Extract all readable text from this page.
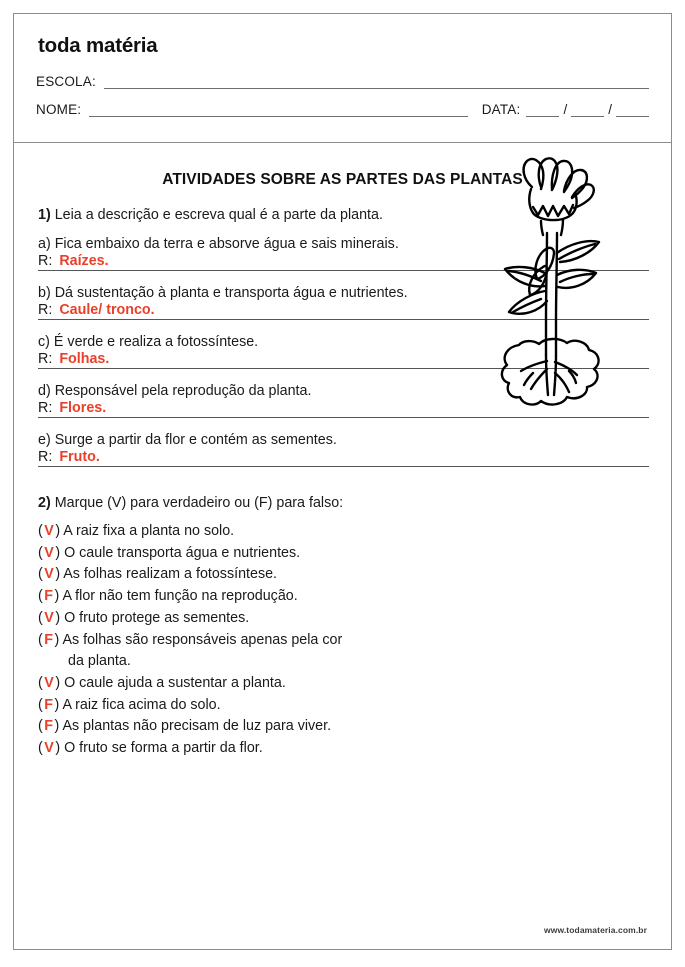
toda matéria
ESCOLA:
NOME:	DATA:	/	/
ATIVIDADES SOBRE AS PARTES DAS PLANTAS
1) Leia a descrição e escreva qual é a parte da planta.
a) Fica embaixo da terra e absorve água e sais minerais.
R: Raízes.
b) Dá sustentação à planta e transporta água e nutrientes.
R: Caule/ tronco.
c) É verde e realiza a fotossíntese.
R: Folhas.
d) Responsável pela reprodução da planta.
R: Flores.
e) Surge a partir da flor e contém as sementes.
R: Fruto.
2) Marque (V) para verdadeiro ou (F) para falso:
( V ) A raiz fixa a planta no solo.
( V ) O caule transporta água e nutrientes.
( V ) As folhas realizam a fotossíntese.
( F ) A flor não tem função na reprodução.
( V ) O fruto protege as sementes.
( F ) As folhas são responsáveis apenas pela cor
da planta.
( V ) O caule ajuda a sustentar a planta.
( F ) A raiz fica acima do solo.
( F ) As plantas não precisam de luz para viver.
( V ) O fruto se forma a partir da flor.
www.todamateria.com.br
